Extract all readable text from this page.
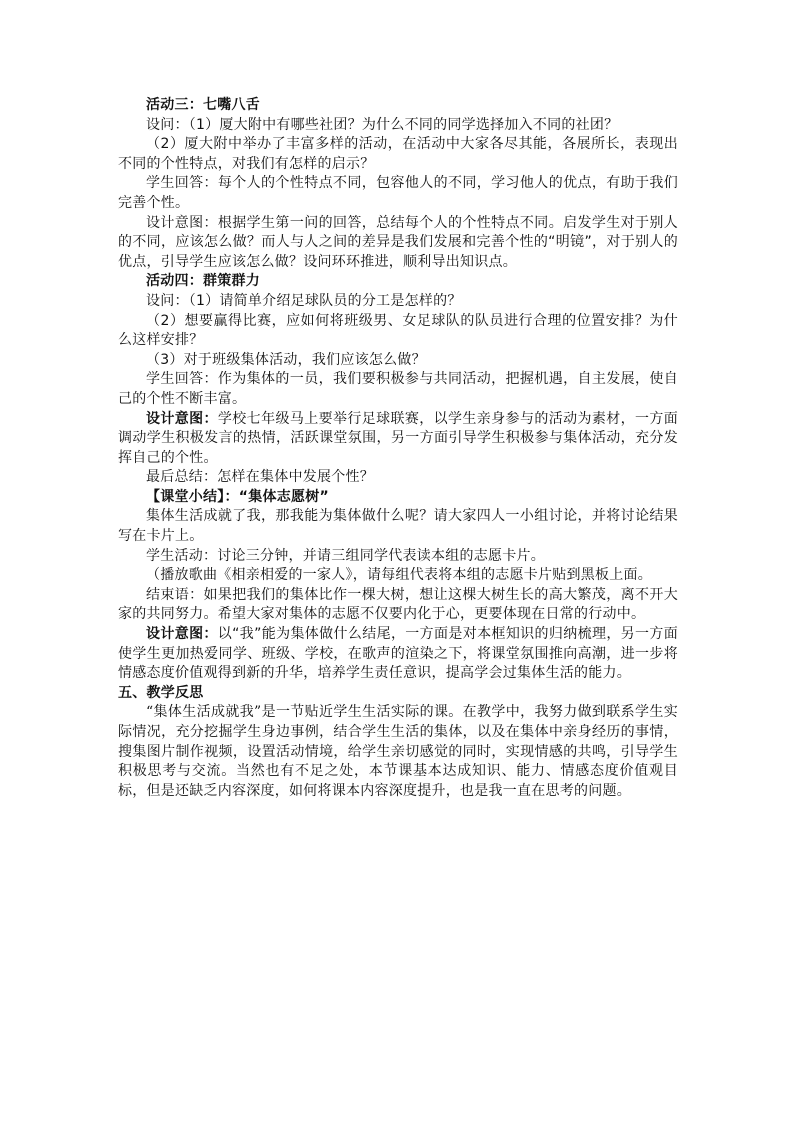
活动三：七嘴八舌

设问：（1）厦大附中有哪些社团？为什么不同的同学选择加入不同的社团？

（2）厦大附中举办了丰富多样的活动，在活动中大家各尽其能，各展所长，表现出不同的个性特点，对我们有怎样的启示？

学生回答：每个人的个性特点不同，包容他人的不同，学习他人的优点，有助于我们完善个性。

设计意图：根据学生第一问的回答，总结每个人的个性特点不同。启发学生对于别人的不同，应该怎么做？而人与人之间的差异是我们发展和完善个性的“明镜”，对于别人的优点，引导学生应该怎么做？设问环环推进，顺利导出知识点。

活动四：群策群力

设问：（1）请简单介绍足球队员的分工是怎样的？

（2）想要赢得比赛，应如何将班级男、女足球队的队员进行合理的位置安排？为什么这样安排？

（3）对于班级集体活动，我们应该怎么做？

学生回答：作为集体的一员，我们要积极参与共同活动，把握机遇，自主发展，使自己的个性不断丰富。

设计意图：学校七年级马上要举行足球联赛，以学生亲身参与的活动为素材，一方面调动学生积极发言的热情，活跃课堂氛围，另一方面引导学生积极参与集体活动，充分发挥自己的个性。

最后总结：怎样在集体中发展个性？

【课堂小结】：“集体志愿树”

集体生活成就了我，那我能为集体做什么呢？请大家四人一小组讨论，并将讨论结果写在卡片上。

学生活动：讨论三分钟，并请三组同学代表读本组的志愿卡片。

（播放歌曲《相亲相爱的一家人》，请每组代表将本组的志愿卡片贴到黑板上面。

结束语：如果把我们的集体比作一棵大树，想让这棵大树生长的高大繁茂，离不开大家的共同努力。希望大家对集体的志愿不仅要内化于心，更要体现在日常的行动中。

设计意图：以“我”能为集体做什么结尾，一方面是对本框知识的归纳梳理，另一方面使学生更加热爱同学、班级、学校，在歌声的渲染之下，将课堂氛围推向高潮，进一步将情感态度价值观得到新的升华，培养学生责任意识，提高学会过集体生活的能力。

五、教学反思

“集体生活成就我”是一节贴近学生生活实际的课。在教学中，我努力做到联系学生实际情况，充分挖掘学生身边事例，结合学生生活的集体，以及在集体中亲身经历的事情，搜集图片制作视频，设置活动情境，给学生亲切感觉的同时，实现情感的共鸣，引导学生积极思考与交流。当然也有不足之处，本节课基本达成知识、能力、情感态度价值观目标，但是还缺乏内容深度，如何将课本内容深度提升，也是我一直在思考的问题。
